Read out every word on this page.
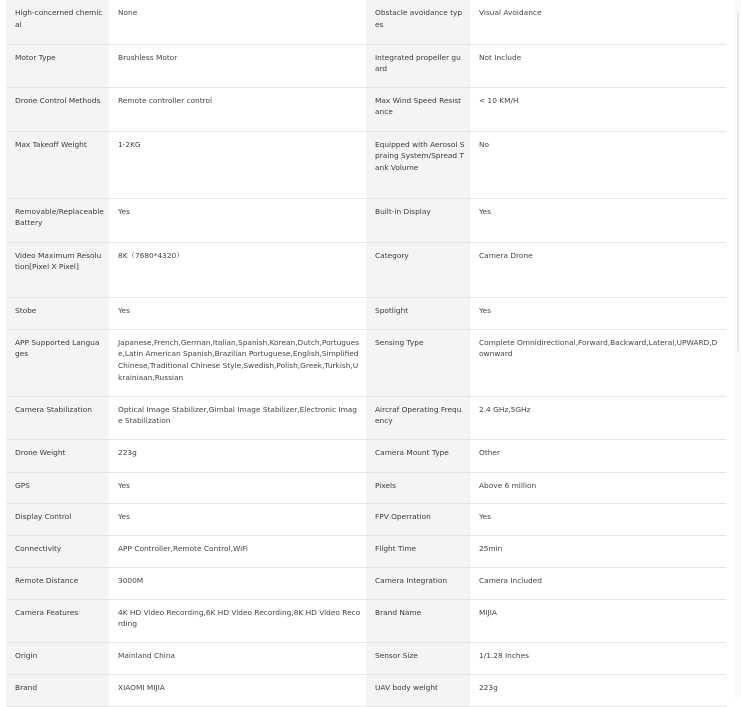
High-concerned chemical	None	Obstacle avoidance types	Visual Avoidance
Motor Type	Brushless Motor	Integrated propeller guard	Not Include
Drone Control Methods	Remote controller control	Max Wind Speed Resistance	< 10 KM/H
Max Takeoff Weight	1-2KG	Equipped with Aerosol Spraing System/Spread Tank Volume	No
Removable/Replaceable Battery	Yes	Built-in Display	Yes
Video Maximum Resolution[Pixel X Pixel]	8K（7680*4320）	Category	Camera Drone
Stobe	Yes	Spotlight	Yes
APP Supported Languages	Japanese,French,German,Italian,Spanish,Korean,Dutch,Portuguese,Latin American Spanish,Brazilian Portuguese,English,Simplified Chinese,Traditional Chinese Style,Swedish,Polish,Greek,Turkish,Ukrainiaan,Russian	Sensing Type	Complete Omnidirectional,Forward,Backward,Lateral,UPWARD,Downward
Camera Stabilization	Optical Image Stabilizer,Gimbal Image Stabilizer,Electronic Image Stabilization	Aircraf Operating Frequency	2.4 GHz,5GHz
Drone Weight	223g	Camera Mount Type	Other
GPS	Yes	Pixels	Above 6 million
Display Control	Yes	FPV Operration	Yes
Connectivity	APP Controller,Remote Control,WiFi	Flight Time	25min
Remote Distance	3000M	Camera Integration	Camera Included
Camera Features	4K HD Video Recording,6K HD Video Recording,8K HD Video Recording	Brand Name	MIJIA
Origin	Mainland China	Sensor Size	1/1.28 Inches
Brand	XIAOMI MIJIA	UAV body weight	223g
